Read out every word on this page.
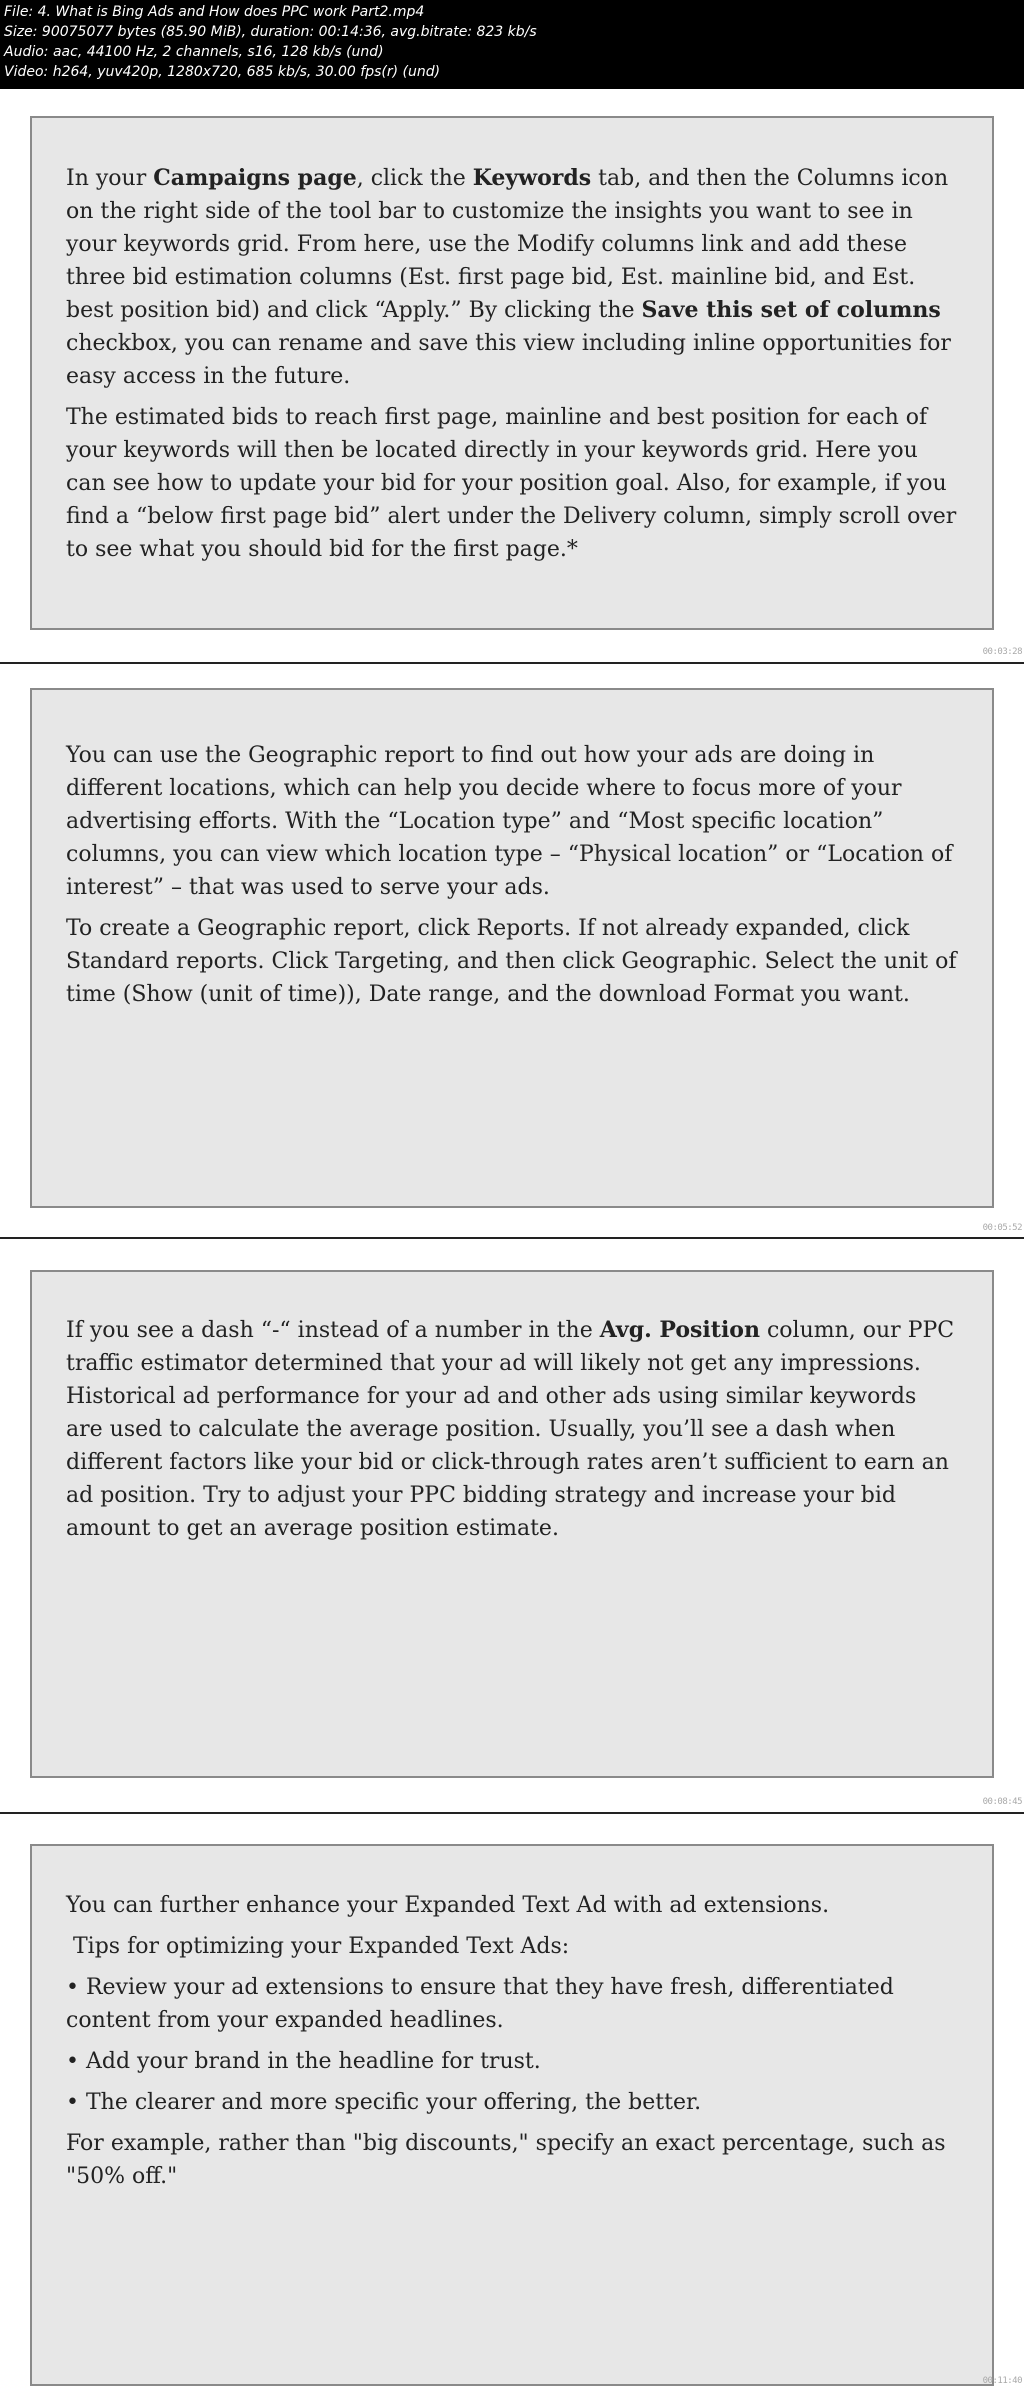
File: 4. What is Bing Ads and How does PPC work Part2.mp4
Size: 90075077 bytes (85.90 MiB), duration: 00:14:36, avg.bitrate: 823 kb/s
Audio: aac, 44100 Hz, 2 channels, s16, 128 kb/s (und)
Video: h264, yuv420p, 1280x720, 685 kb/s, 30.00 fps(r) (und)

In your Campaigns page, click the Keywords tab, and then the Columns icon on the right side of the tool bar to customize the insights you want to see in your keywords grid. From here, use the Modify columns link and add these three bid estimation columns (Est. first page bid, Est. mainline bid, and Est. best position bid) and click “Apply.” By clicking the Save this set of columns checkbox, you can rename and save this view including inline opportunities for easy access in the future.

The estimated bids to reach first page, mainline and best position for each of your keywords will then be located directly in your keywords grid. Here you can see how to update your bid for your position goal. Also, for example, if you find a “below first page bid” alert under the Delivery column, simply scroll over to see what you should bid for the first page.*

00:03:28

You can use the Geographic report to find out how your ads are doing in different locations, which can help you decide where to focus more of your advertising efforts. With the “Location type” and “Most specific location” columns, you can view which location type – “Physical location” or “Location of interest” – that was used to serve your ads.

To create a Geographic report, click Reports. If not already expanded, click Standard reports. Click Targeting, and then click Geographic. Select the unit of time (Show (unit of time)), Date range, and the download Format you want.

00:05:52

If you see a dash “-“ instead of a number in the Avg. Position column, our PPC traffic estimator determined that your ad will likely not get any impressions. Historical ad performance for your ad and other ads using similar keywords are used to calculate the average position. Usually, you’ll see a dash when different factors like your bid or click-through rates aren’t sufficient to earn an ad position. Try to adjust your PPC bidding strategy and increase your bid amount to get an average position estimate.

00:08:45

You can further enhance your Expanded Text Ad with ad extensions.

Tips for optimizing your Expanded Text Ads:

• Review your ad extensions to ensure that they have fresh, differentiated content from your expanded headlines.

• Add your brand in the headline for trust.

• The clearer and more specific your offering, the better.

For example, rather than "big discounts," specify an exact percentage, such as "50% off."

00:11:40
